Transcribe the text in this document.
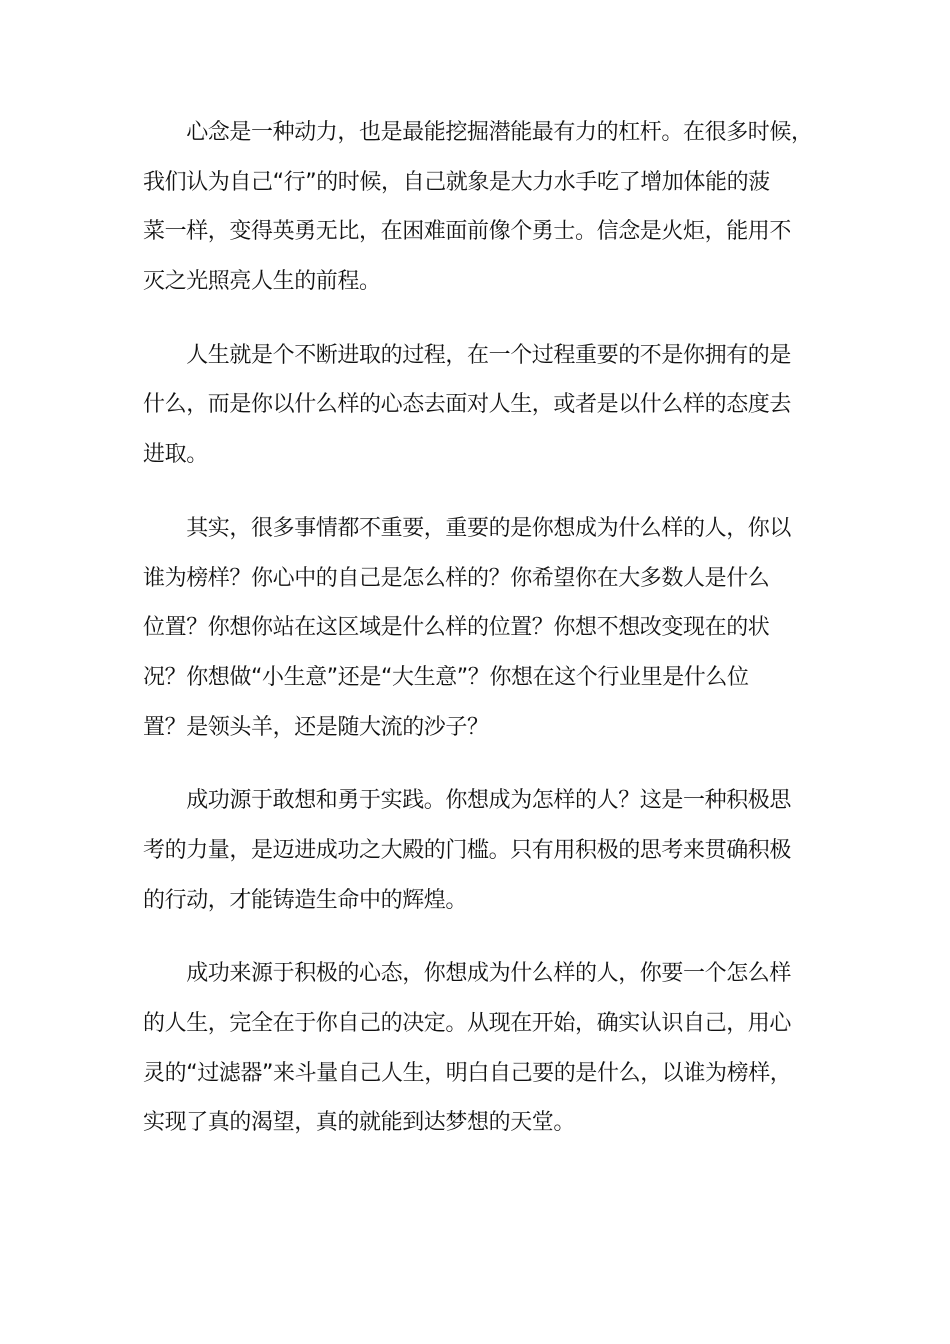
　　心念是一种动力，也是最能挖掘潜能最有力的杠杆。在很多时候，
我们认为自己“行”的时候，自己就象是大力水手吃了增加体能的菠
菜一样，变得英勇无比，在困难面前像个勇士。信念是火炬，能用不
灭之光照亮人生的前程。

　　人生就是个不断进取的过程，在一个过程重要的不是你拥有的是
什么，而是你以什么样的心态去面对人生，或者是以什么样的态度去
进取。

　　其实，很多事情都不重要，重要的是你想成为什么样的人，你以
谁为榜样？你心中的自己是怎么样的？你希望你在大多数人是什么
位置？你想你站在这区域是什么样的位置？你想不想改变现在的状
况？你想做“小生意”还是“大生意”？你想在这个行业里是什么位
置？是领头羊，还是随大流的沙子？

　　成功源于敢想和勇于实践。你想成为怎样的人？这是一种积极思
考的力量，是迈进成功之大殿的门槛。只有用积极的思考来贯确积极
的行动，才能铸造生命中的辉煌。

　　成功来源于积极的心态，你想成为什么样的人，你要一个怎么样
的人生，完全在于你自己的决定。从现在开始，确实认识自己，用心
灵的“过滤器”来斗量自己人生，明白自己要的是什么，以谁为榜样，
实现了真的渴望，真的就能到达梦想的天堂。
